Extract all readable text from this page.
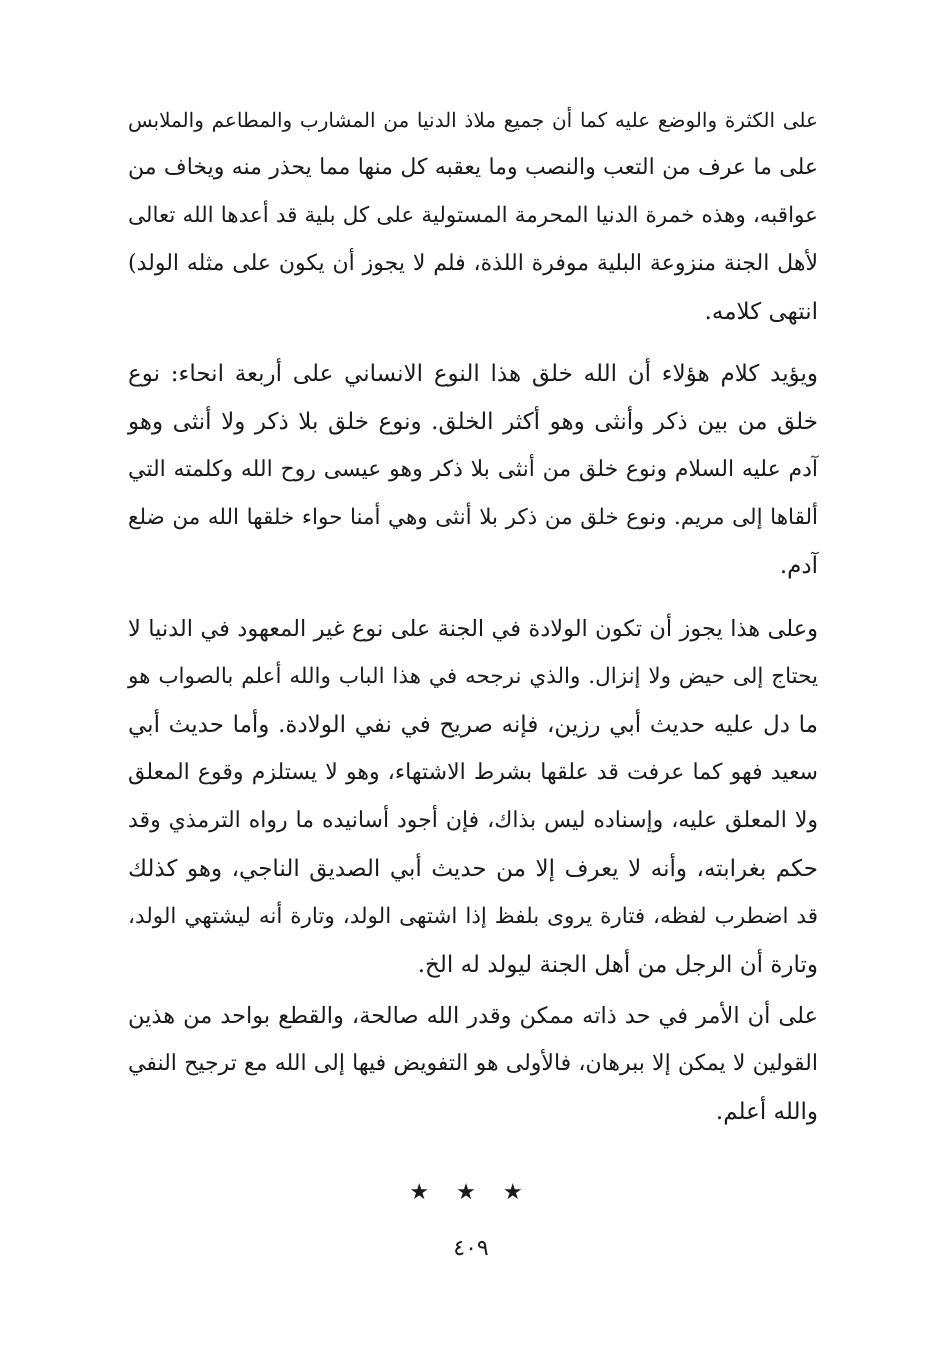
على الكثرة والوضع عليه كما أن جميع ملاذ الدنيا من المشارب والمطاعم والملابس
على ما عرف من التعب والنصب وما يعقبه كل منها مما يحذر منه ويخاف من
عواقبه، وهذه خمرة الدنيا المحرمة المستولية على كل بلية قد أعدها الله تعالى
لأهل الجنة منزوعة البلية موفرة اللذة، فلم لا يجوز أن يكون على مثله الولد)
انتهى كلامه.
ويؤيد كلام هؤلاء أن الله خلق هذا النوع الانساني على أربعة انحاء: نوع
خلق من بين ذكر وأنثى وهو أكثر الخلق. ونوع خلق بلا ذكر ولا أنثى وهو
آدم عليه السلام ونوع خلق من أنثى بلا ذكر وهو عيسى روح الله وكلمته التي
ألقاها إلى مريم. ونوع خلق من ذكر بلا أنثى وهي أمنا حواء خلقها الله من ضلع
آدم.
وعلى هذا يجوز أن تكون الولادة في الجنة على نوع غير المعهود في الدنيا لا
يحتاج إلى حيض ولا إنزال. والذي نرجحه في هذا الباب والله أعلم بالصواب هو
ما دل عليه حديث أبي رزين، فإنه صريح في نفي الولادة. وأما حديث أبي
سعيد فهو كما عرفت قد علقها بشرط الاشتهاء، وهو لا يستلزم وقوع المعلق
ولا المعلق عليه، وإسناده ليس بذاك، فإن أجود أسانيده ما رواه الترمذي وقد
حكم بغرابته، وأنه لا يعرف إلا من حديث أبي الصديق الناجي، وهو كذلك
قد اضطرب لفظه، فتارة يروى بلفظ إذا اشتهى الولد، وتارة أنه ليشتهي الولد،
وتارة أن الرجل من أهل الجنة ليولد له الخ.
على أن الأمر في حد ذاته ممكن وقدر الله صالحة، والقطع بواحد من هذين
القولين لا يمكن إلا ببرهان، فالأولى هو التفويض فيها إلى الله مع ترجيح النفي
والله أعلم.
★ ★ ★
٤٠٩
